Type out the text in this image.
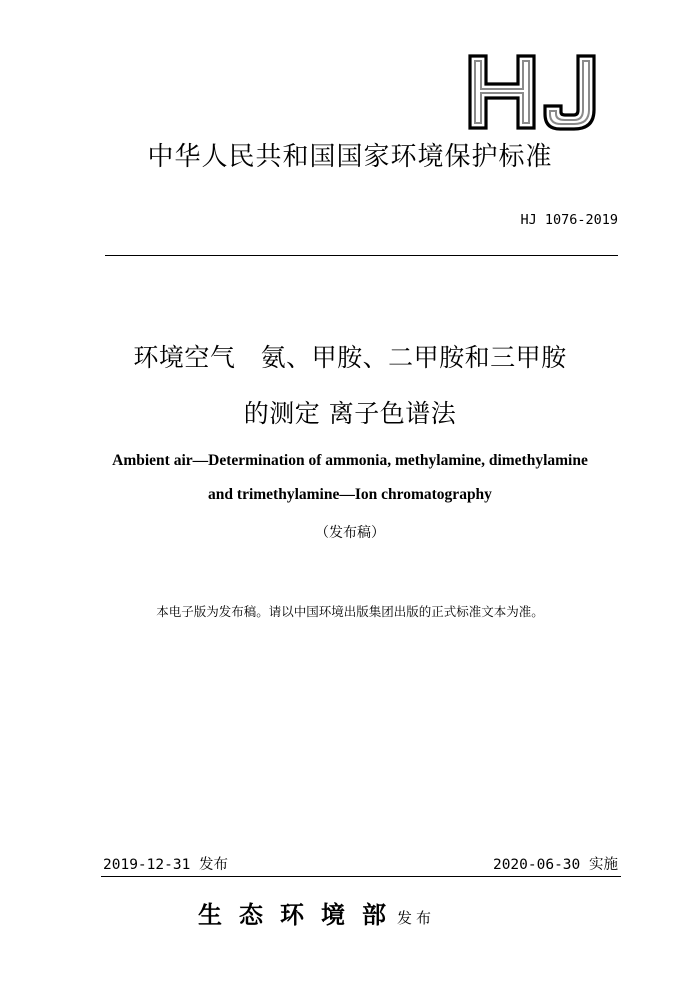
中华人民共和国国家环境保护标准
HJ 1076-2019
环境空气   氨、甲胺、二甲胺和三甲胺
的测定 离子色谱法
Ambient air—Determination of ammonia, methylamine, dimethylamine
and trimethylamine—Ion chromatography
（发布稿）
本电子版为发布稿。请以中国环境出版集团出版的正式标准文本为准。
2019-12-31 发布	2020-06-30 实施
生态环境部发布
